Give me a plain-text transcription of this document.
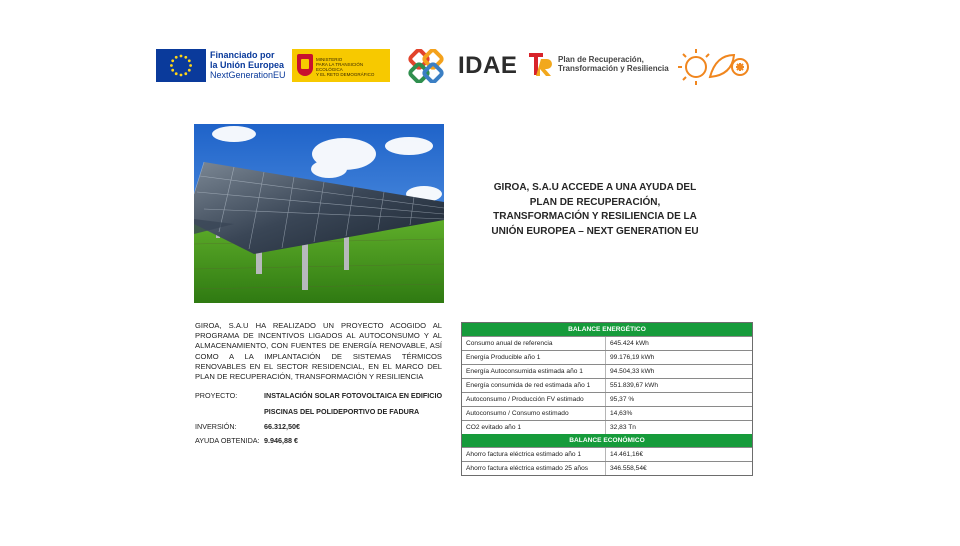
Financiado por
la Unión Europea
NextGenerationEU
MINISTERIO
PARA LA TRANSICIÓN ECOLÓGICA
Y EL RETO DEMOGRÁFICO	IDAE	Plan de Recuperación,
Transformación y Resiliencia
GIROA, S.A.U ACCEDE A UNA AYUDA DEL PLAN DE RECUPERACIÓN, TRANSFORMACIÓN Y RESILIENCIA DE LA UNIÓN EUROPEA – NEXT GENERATION EU
GIROA, S.A.U HA REALIZADO UN PROYECTO ACOGIDO AL PROGRAMA DE INCENTIVOS LIGADOS AL AUTOCONSUMO Y AL ALMACENAMIENTO, CON FUENTES DE ENERGÍA RENOVABLE, ASÍ COMO A LA IMPLANTACIÓN DE SISTEMAS TÉRMICOS RENOVABLES EN EL SECTOR RESIDENCIAL, EN EL MARCO DEL PLAN DE RECUPERACIÓN, TRANSFORMACIÓN Y RESILIENCIA
PROYECTO:	INSTALACIÓN SOLAR FOTOVOLTAICA EN EDIFICIO
PISCINAS DEL POLIDEPORTIVO DE FADURA
INVERSIÓN:	66.312,50€
AYUDA OBTENIDA: 9.946,88 €
BALANCE ENERGÉTICO
Consumo anual de referencia	645.424 kWh
Energía Producible año 1	99.176,19 kWh
Energía Autoconsumida estimada año 1	94.504,33 kWh
Energía consumida de red estimada año 1	551.839,67 kWh
Autoconsumo / Producción FV estimado	95,37 %
Autoconsumo / Consumo estimado	14,63%
CO2 evitado año 1	32,83 Tn
BALANCE ECONÓMICO
Ahorro factura eléctrica estimado año 1	14.461,16€
Ahorro factura eléctrica estimado 25 años	346.558,54€
